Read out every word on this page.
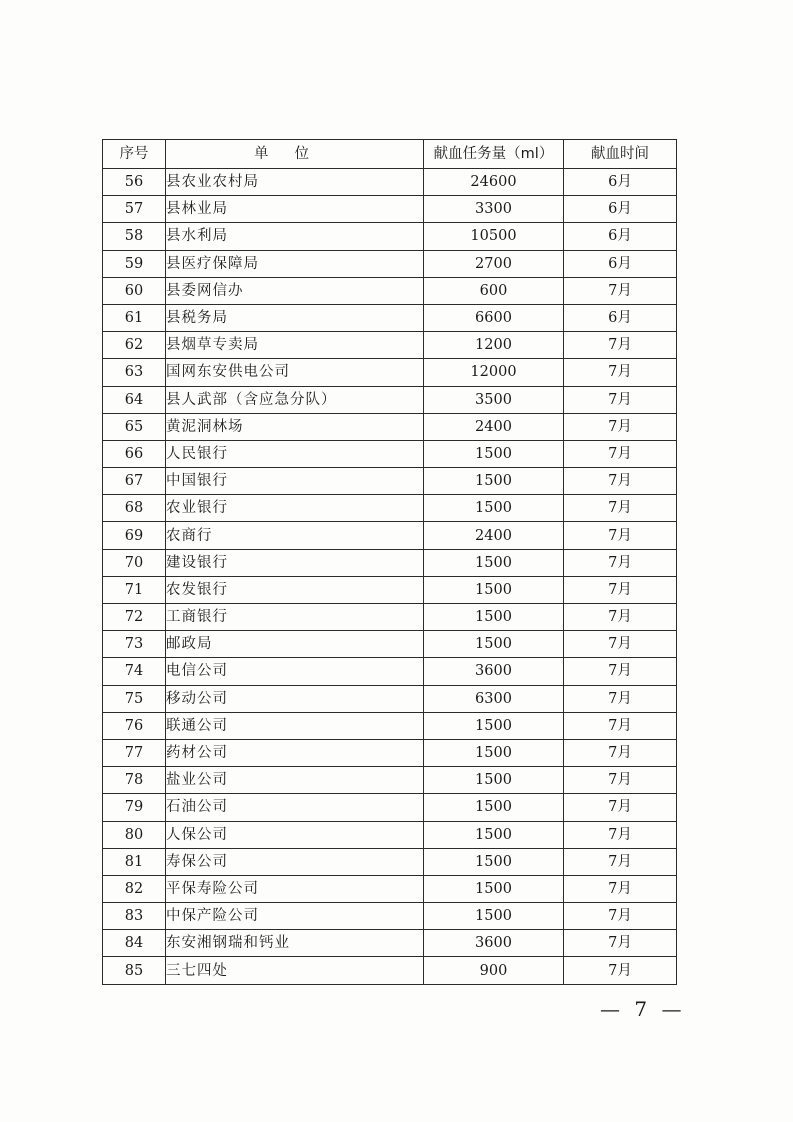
序号	单位	献血任务量（ml）	献血时间
56	县农业农村局	24600	6月
57	县林业局	3300	6月
58	县水利局	10500	6月
59	县医疗保障局	2700	6月
60	县委网信办	600	7月
61	县税务局	6600	6月
62	县烟草专卖局	1200	7月
63	国网东安供电公司	12000	7月
64	县人武部（含应急分队）	3500	7月
65	黄泥洞林场	2400	7月
66	人民银行	1500	7月
67	中国银行	1500	7月
68	农业银行	1500	7月
69	农商行	2400	7月
70	建设银行	1500	7月
71	农发银行	1500	7月
72	工商银行	1500	7月
73	邮政局	1500	7月
74	电信公司	3600	7月
75	移动公司	6300	7月
76	联通公司	1500	7月
77	药材公司	1500	7月
78	盐业公司	1500	7月
79	石油公司	1500	7月
80	人保公司	1500	7月
81	寿保公司	1500	7月
82	平保寿险公司	1500	7月
83	中保产险公司	1500	7月
84	东安湘钢瑞和钙业	3600	7月
85	三七四处	900	7月
— 7 —
